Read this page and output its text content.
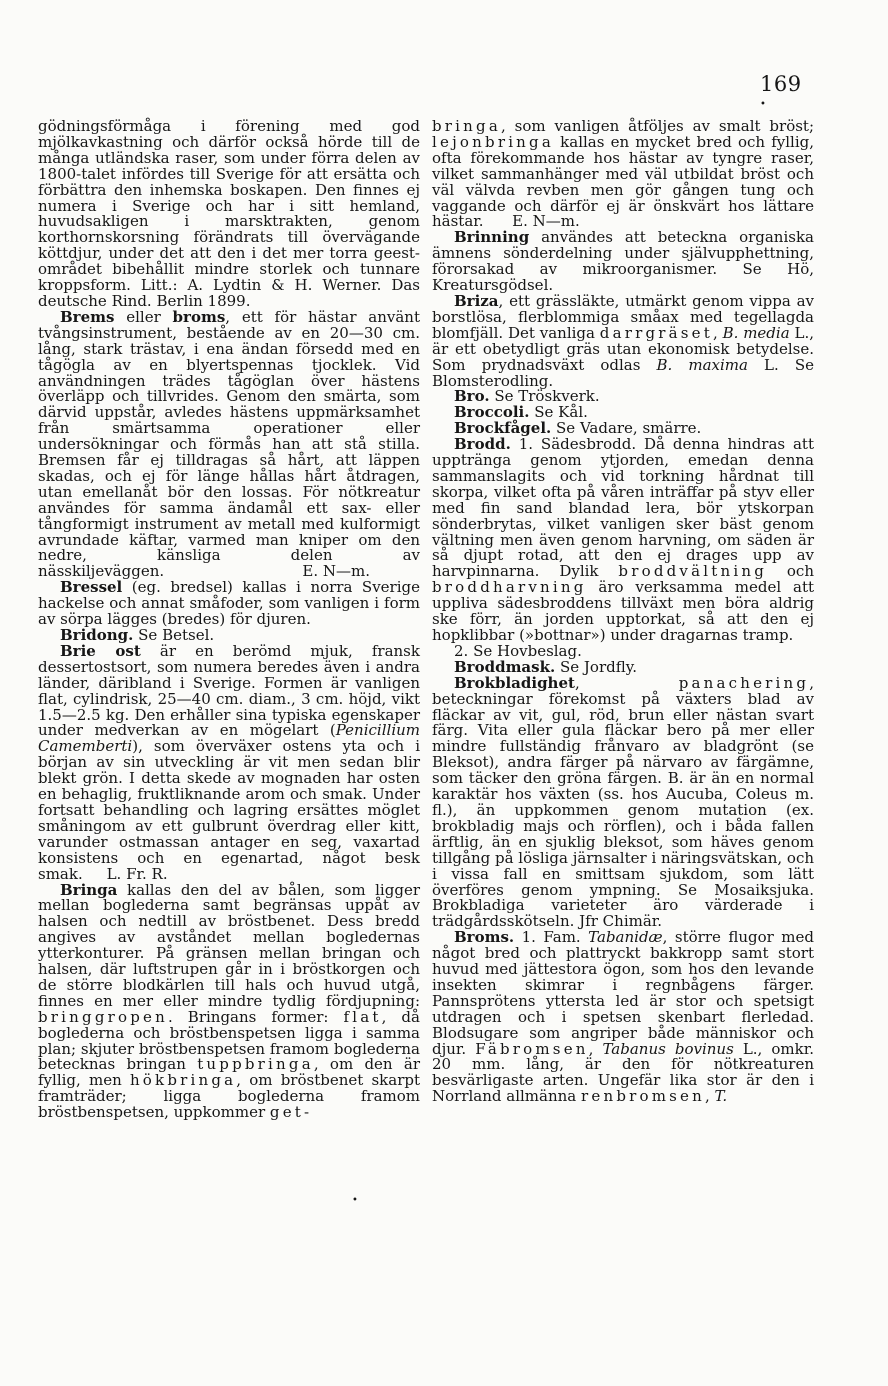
169
•
•

gödningsförmåga i förening med god mjölkavkastning och därför också hörde till de många utländska raser, som under förra delen av 1800-talet infördes till Sverige för att ersätta och förbättra den inhemska boskapen. Den finnes ej numera i Sverige och har i sitt hemland, huvudsakligen i marsktrakten, genom korthornskorsning förändrats till övervägande köttdjur, under det att den i det mer torra geest-området bibehållit mindre storlek och tunnare kroppsform. Litt.: A. Lydtin & H. Werner. Das deutsche Rind. Berlin 1899.

Brems eller broms, ett för hästar använt tvångsinstrument, bestående av en 20—30 cm. lång, stark trästav, i ena ändan försedd med en tågögla av en blyertspennas tjocklek. Vid användningen trädes tågöglan över hästens överläpp och tillvrides. Genom den smärta, som därvid uppstår, avledes hästens uppmärksamhet från smärtsamma operationer eller undersökningar och förmås han att stå stilla. Bremsen får ej tilldragas så hårt, att läppen skadas, och ej för länge hållas hårt åtdragen, utan emellanåt bör den lossas. För nötkreatur användes för samma ändamål ett sax- eller tångformigt instrument av metall med kulformigt avrundade käftar, varmed man kniper om den nedre, känsliga delen av nässkiljeväggen.	E. N—m.

Bressel (eg. bredsel) kallas i norra Sverige hackelse och annat småfoder, som vanligen i form av sörpa lägges (bredes) för djuren.

Bridong. Se Betsel.

Brie ost är en berömd mjuk, fransk dessertostsort, som numera beredes även i andra länder, däribland i Sverige. Formen är vanligen flat, cylindrisk, 25—40 cm. diam., 3 cm. höjd, vikt 1.5—2.5 kg. Den erhåller sina typiska egenskaper under medverkan av en mögelart (Penicillium Camemberti), som överväxer ostens yta och i början av sin utveckling är vit men sedan blir blekt grön. I detta skede av mognaden har osten en behaglig, fruktliknande arom och smak. Under fortsatt behandling och lagring ersättes möglet småningom av ett gulbrunt överdrag eller kitt, varunder ostmassan antager en seg, vaxartad konsistens och en egenartad, något besk smak. L. Fr. R.

Bringa kallas den del av bålen, som ligger mellan boglederna samt begränsas uppåt av halsen och nedtill av bröstbenet. Dess bredd angives av avståndet mellan bogledernas ytterkonturer. På gränsen mellan bringan och halsen, där luftstrupen går in i bröstkorgen och de större blodkärlen till hals och huvud utgå, finnes en mer eller mindre tydlig fördjupning: bringgropen. Bringans former: flat, då boglederna och bröstbenspetsen ligga i samma plan; skjuter bröstbenspetsen framom boglederna betecknas bringan tuppbringa, om den är fyllig, men hökbringa, om bröstbenet skarpt framträder; ligga boglederna framom bröstbenspetsen, uppkommer get-

bringa, som vanligen åtföljes av smalt bröst; lejonbringa kallas en mycket bred och fyllig, ofta förekommande hos hästar av tyngre raser, vilket sammanhänger med väl utbildat bröst och väl välvda revben men gör gången tung och vaggande och därför ej är önskvärt hos lättare hästar. E. N—m.

Brinning användes att beteckna organiska ämnens sönderdelning under självupphettning, förorsakad av mikroorganismer. Se Hö, Kreatursgödsel.

Briza, ett grässläkte, utmärkt genom vippa av borstlösa, flerblommiga småax med tegellagda blomfjäll. Det vanliga darrgräset, B. media L., är ett obetydligt gräs utan ekonomisk betydelse. Som prydnadsväxt odlas B. maxima L. Se Blomsterodling.

Bro. Se Tröskverk.

Broccoli. Se Kål.

Brockfågel. Se Vadare, smärre.

Brodd. 1. Sädesbrodd. Då denna hindras att upptränga genom ytjorden, emedan denna sammanslagits och vid torkning hårdnat till skorpa, vilket ofta på våren inträffar på styv eller med fin sand blandad lera, bör ytskorpan sönderbrytas, vilket vanligen sker bäst genom vältning men även genom harvning, om säden är så djupt rotad, att den ej drages upp av harvpinnarna. Dylik broddvältning och broddharvning äro verksamma medel att uppliva sädesbroddens tillväxt men böra aldrig ske förr, än jorden upptorkat, så att den ej hopklibbar (»bottnar») under dragarnas tramp.

2. Se Hovbeslag.

Broddmask. Se Jordfly.

Brokbladighet, panachering, beteckningar förekomst på växters blad av fläckar av vit, gul, röd, brun eller nästan svart färg. Vita eller gula fläckar bero på mer eller mindre fullständig frånvaro av bladgrönt (se Bleksot), andra färger på närvaro av färgämne, som täcker den gröna färgen. B. är än en normal karaktär hos växten (ss. hos Aucuba, Coleus m. fl.), än uppkommen genom mutation (ex. brokbladig majs och rörflen), och i båda fallen ärftlig, än en sjuklig bleksot, som häves genom tillgång på lösliga järnsalter i näringsvätskan, och i vissa fall en smittsam sjukdom, som lätt överföres genom ympning. Se Mosaiksjuka. Brokbladiga varieteter äro värderade i trädgårdsskötseln. Jfr Chimär.

Broms. 1. Fam. Tabanidæ, större flugor med något bred och plattryckt bakkropp samt stort huvud med jättestora ögon, som hos den levande insekten skimrar i regnbågens färger. Pannsprötens yttersta led är stor och spetsigt utdragen och i spetsen skenbart flerledad. Blodsugare som angriper både människor och djur. Fäbromsen, Tabanus bovinus L., omkr. 20 mm. lång, är den för nötkreaturen besvärligaste arten. Ungefär lika stor är den i Norrland allmänna renbromsen, T.
